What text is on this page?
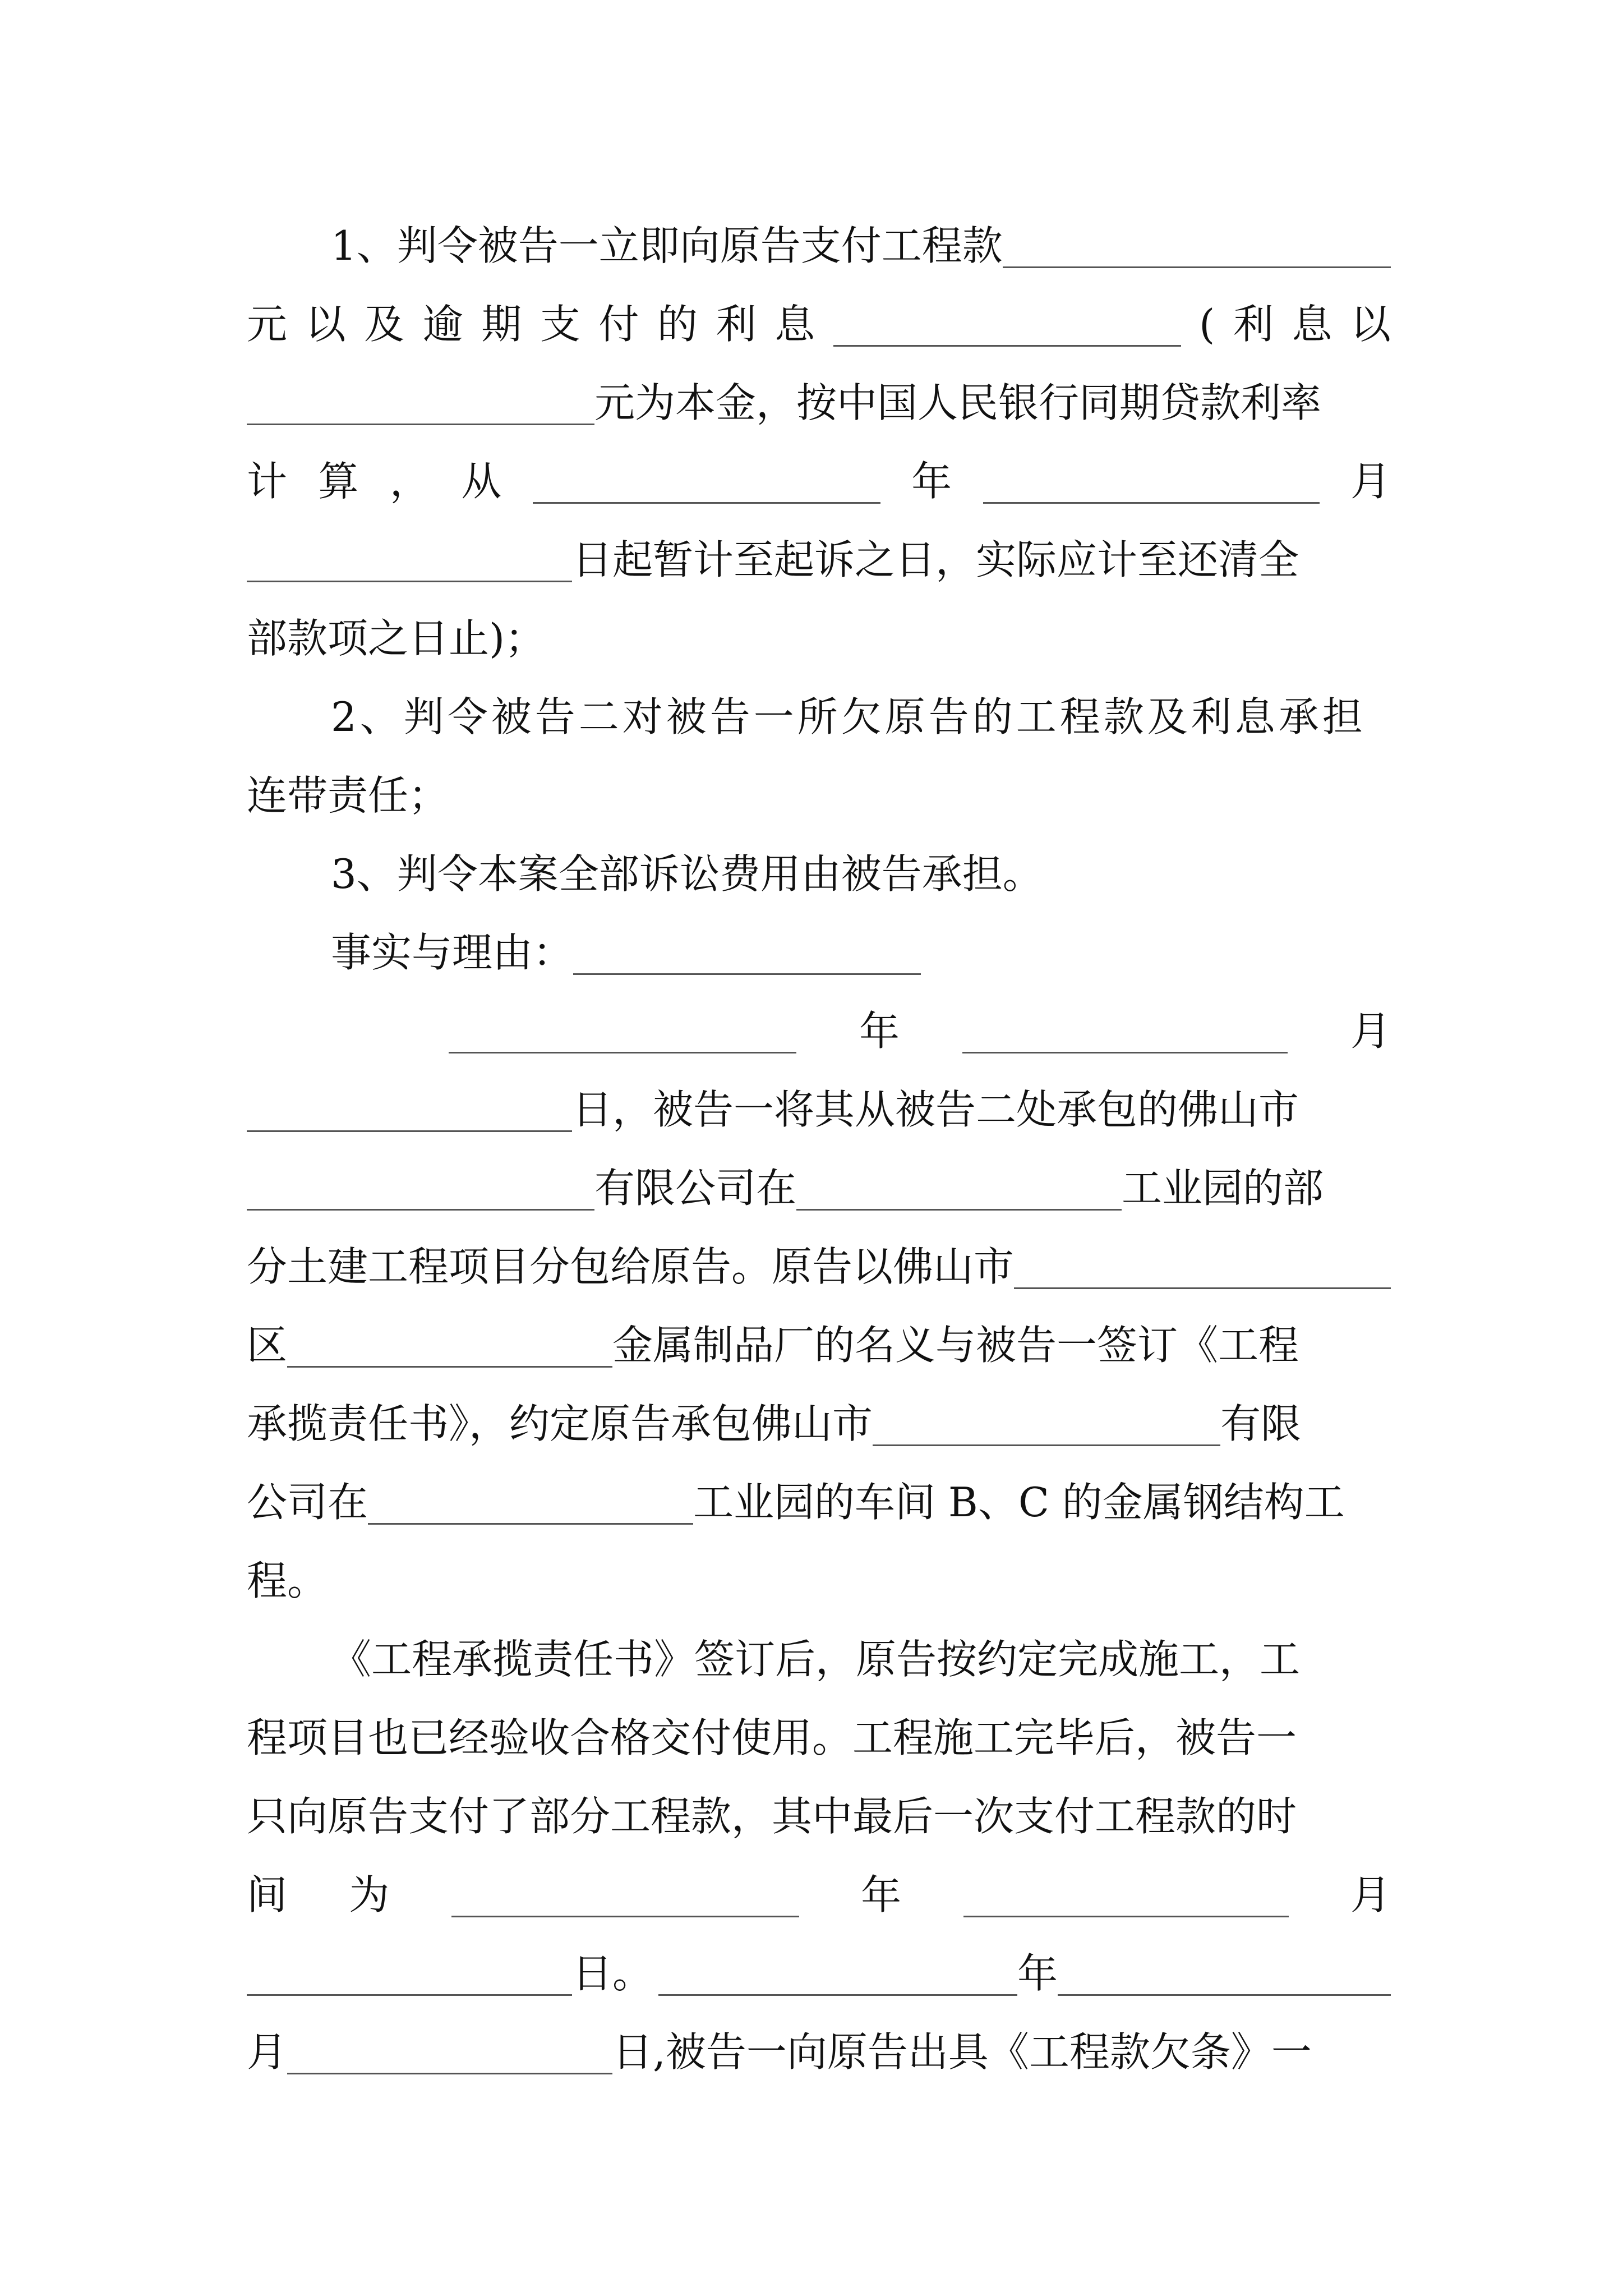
1、判令被告一立即向原告支付工程款
元 以 及 逾 期 支 付 的 利 息	( 利 息 以
元为本金，按中国人民银行同期贷款利率
计 算 ， 从	年	月
日起暂计至起诉之日，实际应计至还清全
部款项之日止)；
2、判令被告二对被告一所欠原告的工程款及利息承担
连带责任；
3、判令本案全部诉讼费用由被告承担。
事实与理由：
年	月
日，被告一将其从被告二处承包的佛山市
有限公司在	工业园的部
分土建工程项目分包给原告。原告以佛山市
区	金属制品厂的名义与被告一签订《工程
承揽责任书》，约定原告承包佛山市	有限
公司在	工业园的车间 B、C 的金属钢结构工
程。
《工程承揽责任书》签订后，原告按约定完成施工，工
程项目也已经验收合格交付使用。工程施工完毕后，被告一
只向原告支付了部分工程款，其中最后一次支付工程款的时
间 为	年	月
日。	年
月	日,被告一向原告出具《工程款欠条》一
